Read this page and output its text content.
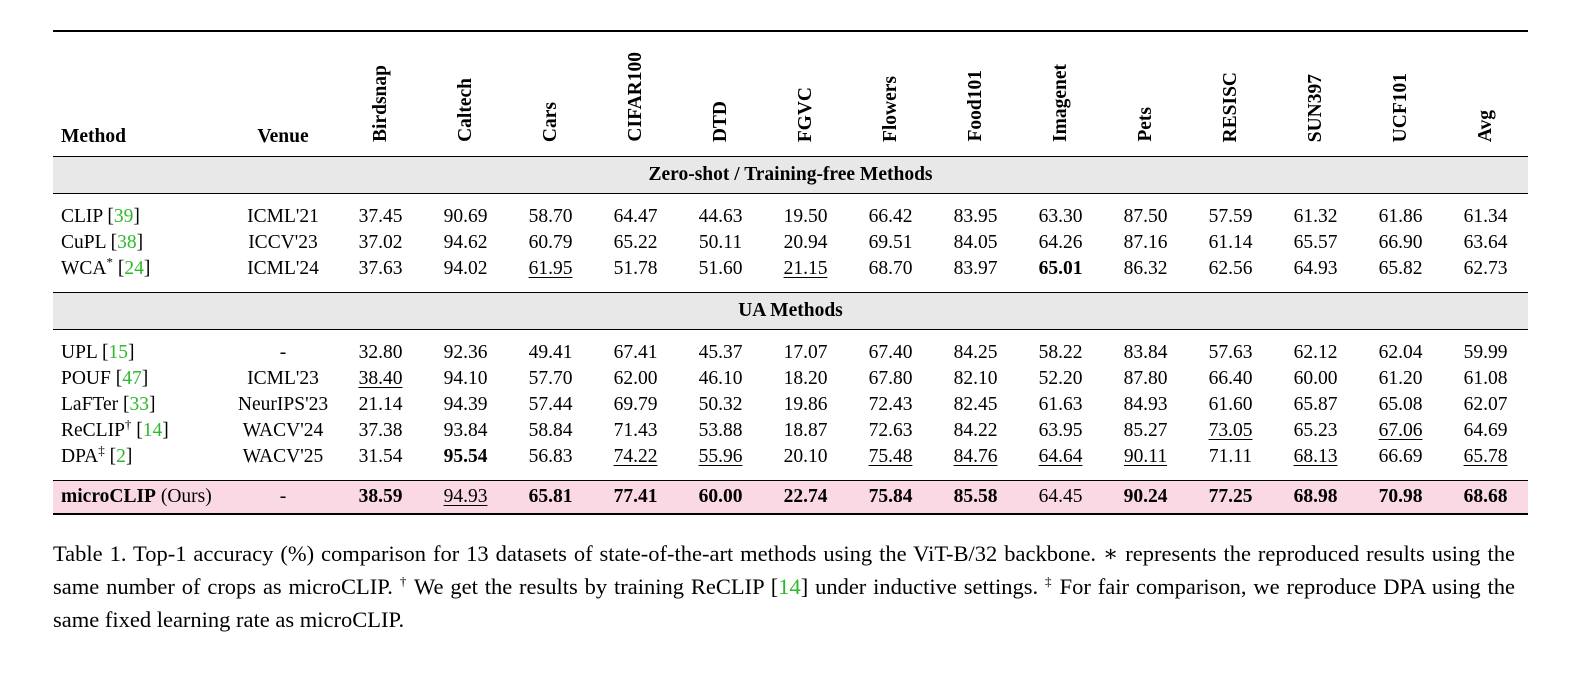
Method	Venue	Birdsnap	Caltech	Cars	CIFAR100	DTD	FGVC	Flowers	Food101	Imagenet	Pets	RESISC	SUN397	UCF101	Avg

Zero-shot / Training-free Methods															

CLIP [39]	ICML'21	37.45	90.69	58.70	64.47	44.63	19.50	66.42	83.95	63.30	87.50	57.59	61.32	61.86	61.34
CuPL [38]	ICCV'23	37.02	94.62	60.79	65.22	50.11	20.94	69.51	84.05	64.26	87.16	61.14	65.57	66.90	63.64
WCA* [24]	ICML'24	37.63	94.02	61.95	51.78	51.60	21.15	68.70	83.97	65.01	86.32	62.56	64.93	65.82	62.73

UA Methods															

UPL [15]	-	32.80	92.36	49.41	67.41	45.37	17.07	67.40	84.25	58.22	83.84	57.63	62.12	62.04	59.99
POUF [47]	ICML'23	38.40	94.10	57.70	62.00	46.10	18.20	67.80	82.10	52.20	87.80	66.40	60.00	61.20	61.08
LaFTer [33]	NeurIPS'23	21.14	94.39	57.44	69.79	50.32	19.86	72.43	82.45	61.63	84.93	61.60	65.87	65.08	62.07
ReCLIP† [14]	WACV'24	37.38	93.84	58.84	71.43	53.88	18.87	72.63	84.22	63.95	85.27	73.05	65.23	67.06	64.69
DPA‡ [2]	WACV'25	31.54	95.54	56.83	74.22	55.96	20.10	75.48	84.76	64.64	90.11	71.11	68.13	66.69	65.78

microCLIP (Ours)	-	38.59	94.93	65.81	77.41	60.00	22.74	75.84	85.58	64.45	90.24	77.25	68.98	70.98	68.68

Table 1. Top-1 accuracy (%) comparison for 13 datasets of state-of-the-art methods using the ViT-B/32 backbone. ∗ represents the reproduced results using the same number of crops as microCLIP. † We get the results by training ReCLIP [14] under inductive settings. ‡ For fair comparison, we reproduce DPA using the same fixed learning rate as microCLIP.
